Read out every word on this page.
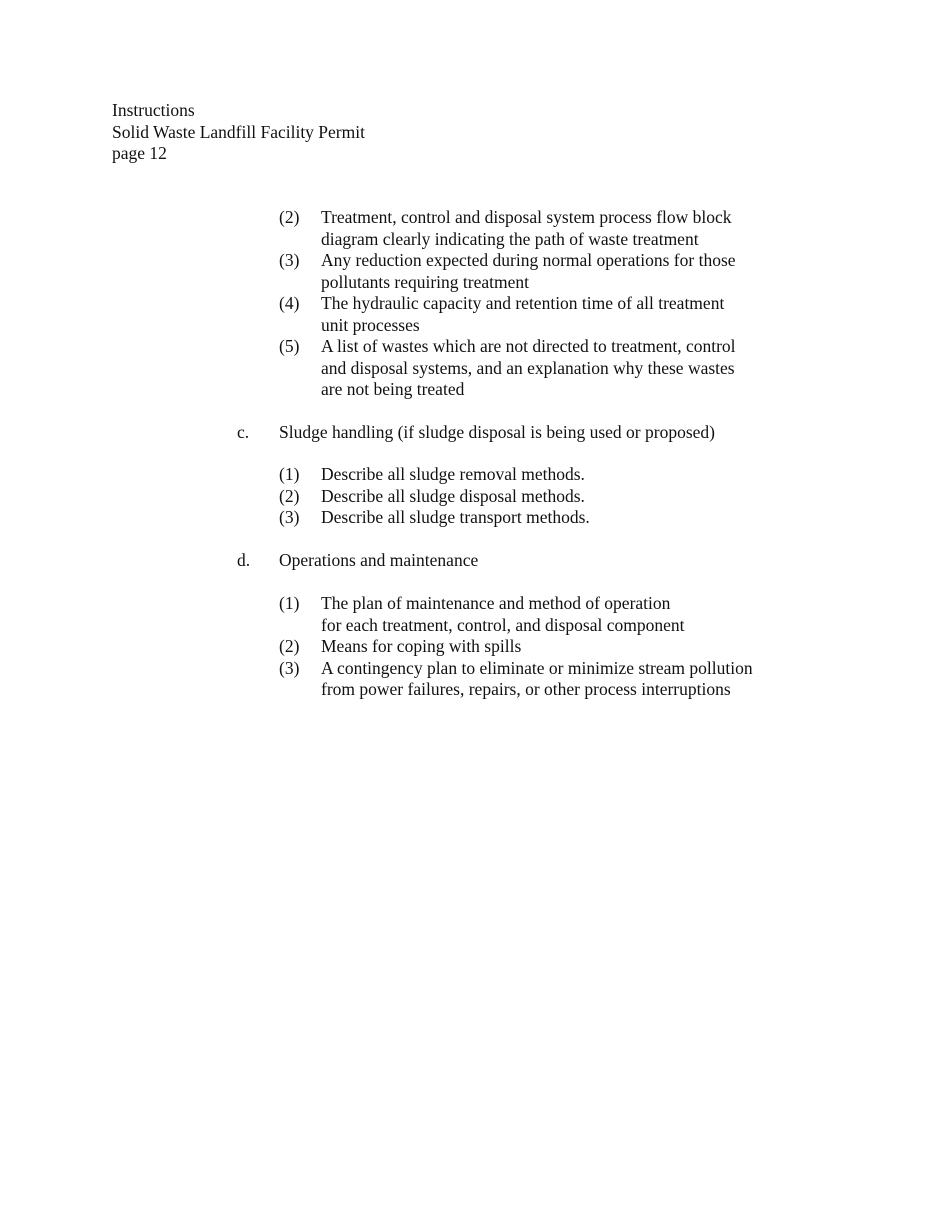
Instructions
Solid Waste Landfill Facility Permit
page 12
(2) Treatment, control and disposal system process flow block
diagram clearly indicating the path of waste treatment
(3) Any reduction expected during normal operations for those
pollutants requiring treatment
(4) The hydraulic capacity and retention time of all treatment
unit processes
(5) A list of wastes which are not directed to treatment, control
and disposal systems, and an explanation why these wastes
are not being treated
c. Sludge handling (if sludge disposal is being used or proposed)
(1) Describe all sludge removal methods.
(2) Describe all sludge disposal methods.
(3) Describe all sludge transport methods.
d. Operations and maintenance
(1) The plan of maintenance and method of operation
for each treatment, control, and disposal component
(2) Means for coping with spills
(3) A contingency plan to eliminate or minimize stream pollution
from power failures, repairs, or other process interruptions
